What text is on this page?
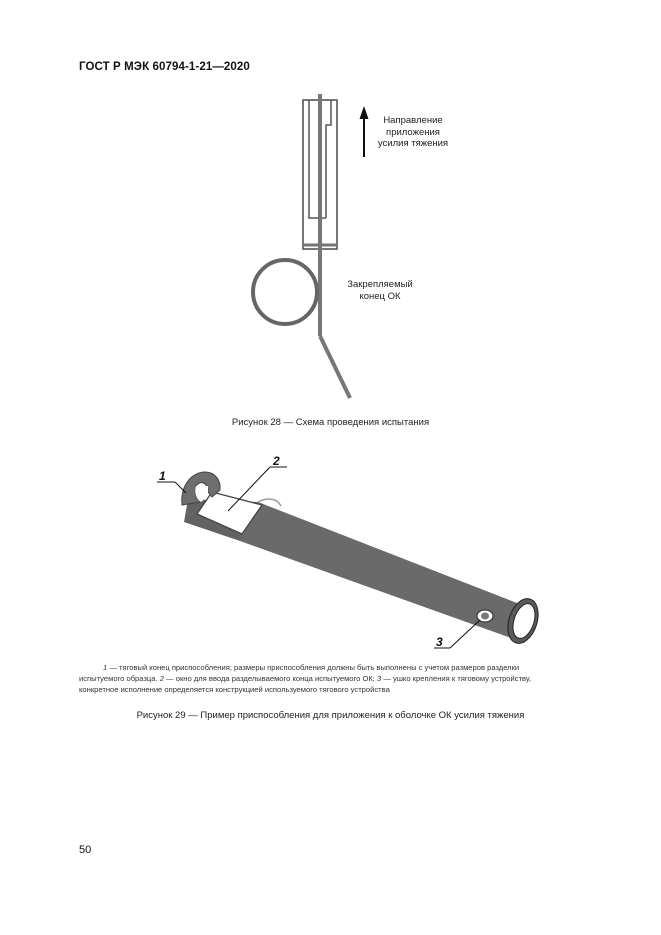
ГОСТ Р МЭК 60794-1-21—2020
1
2
3
Направление
приложения
усилия тяжения
Закрепляемый
конец ОК
Рисунок 28 — Схема проведения испытания
1 — тяговый конец приспособления; размеры приспособления должны быть выполнены с учетом размеров разделки
испытуемого образца. 2 — окно для ввода разделываемого конца испытуемого ОК; 3 — ушко крепления к тяговому устройству,
конкретное исполнение определяется конструкцией используемого тягового устройства
Рисунок 29 — Пример приспособления для приложения к оболочке ОК усилия тяжения
50
